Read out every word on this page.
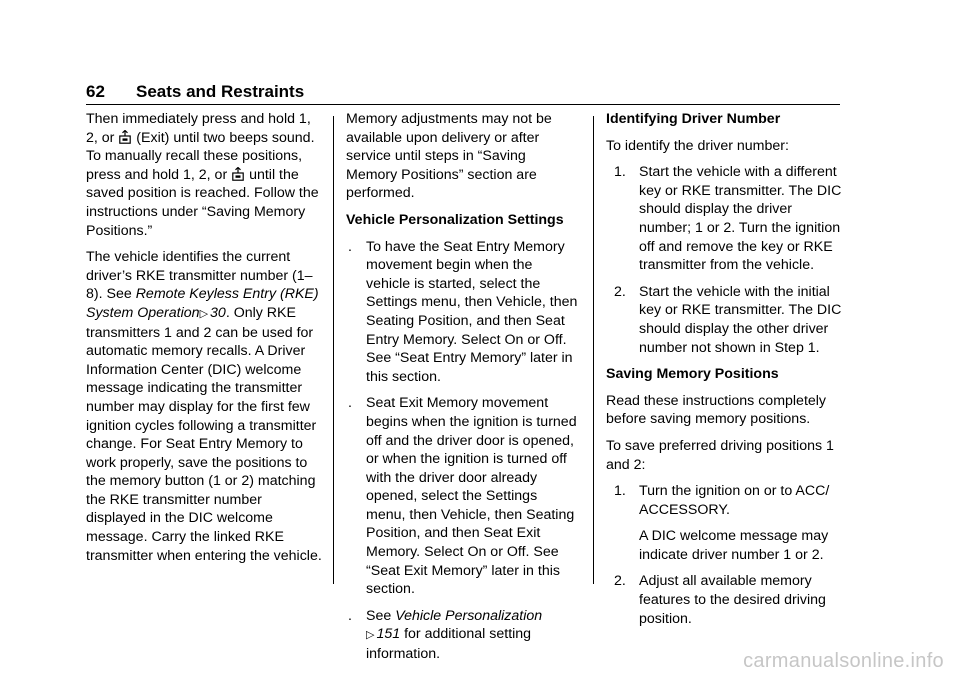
62 Seats and Restraints

Then immediately press and hold 1, 2, or  (Exit) until two beeps sound. To manually recall these positions, press and hold 1, 2, or  until the saved position is reached. Follow the instructions under “Saving Memory Positions.”

The vehicle identifies the current driver’s RKE transmitter number (1–8). See Remote Keyless Entry (RKE) System Operation▷ 30. Only RKE transmitters 1 and 2 can be used for automatic memory recalls. A Driver Information Center (DIC) welcome message indicating the transmitter number may display for the first few ignition cycles following a transmitter change. For Seat Entry Memory to work properly, save the positions to the memory button (1 or 2) matching the RKE transmitter number displayed in the DIC welcome message. Carry the linked RKE transmitter when entering the vehicle.

Memory adjustments may not be available upon delivery or after service until steps in “Saving Memory Positions” section are performed.

Vehicle Personalization Settings

. To have the Seat Entry Memory movement begin when the vehicle is started, select the Settings menu, then Vehicle, then Seating Position, and then Seat Entry Memory. Select On or Off. See “Seat Entry Memory” later in this section.
. Seat Exit Memory movement begins when the ignition is turned off and the driver door is opened, or when the ignition is turned off with the driver door already opened, select the Settings menu, then Vehicle, then Seating Position, and then Seat Exit Memory. Select On or Off. See “Seat Exit Memory” later in this section.
. See Vehicle Personalization
▷ 151 for additional setting information.

Identifying Driver Number

To identify the driver number:

1. Start the vehicle with a different key or RKE transmitter. The DIC should display the driver number; 1 or 2. Turn the ignition off and remove the key or RKE transmitter from the vehicle.
2. Start the vehicle with the initial key or RKE transmitter. The DIC should display the other driver number not shown in Step 1.

Saving Memory Positions

Read these instructions completely before saving memory positions.

To save preferred driving positions 1 and 2:

1. Turn the ignition on or to ACC/ ACCESSORY.

A DIC welcome message may indicate driver number 1 or 2.

2. Adjust all available memory features to the desired driving position.
carmanualsonline.info
